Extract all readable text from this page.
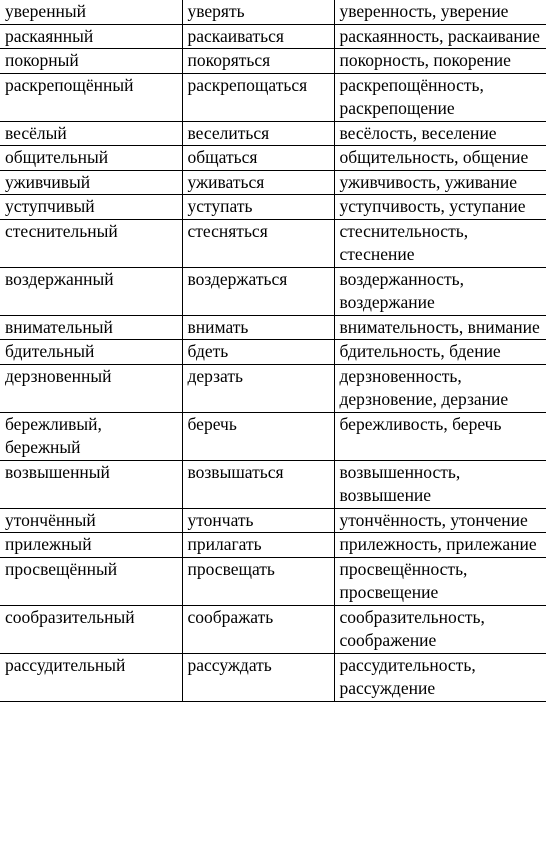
уверенный	уверять	уверенность, уверение
раскаянный	раскаиваться	раскаянность, раскаивание
покорный	покоряться	покорность, покорение
раскрепощённый	раскрепощаться	раскрепощённость, раскрепощение
весёлый	веселиться	весёлость, веселение
общительный	общаться	общительность, общение
уживчивый	уживаться	уживчивость, уживание
уступчивый	уступать	уступчивость, уступание
стеснительный	стесняться	стеснительность, стеснение
воздержанный	воздержаться	воздержанность, воздержание
внимательный	внимать	внимательность, внимание
бдительный	бдеть	бдительность, бдение
дерзновенный	дерзать	дерзновенность, дерзновение, дерзание
бережливый, бережный	беречь	бережливость, беречь
возвышенный	возвышаться	возвышенность, возвышение
утончённый	утончать	утончённость, утончение
прилежный	прилагать	прилежность, прилежание
просвещённый	просвещать	просвещённость, просвещение
сообразительный	соображать	сообразительность, соображение
рассудительный	рассуждать	рассудительность, рассуждение
